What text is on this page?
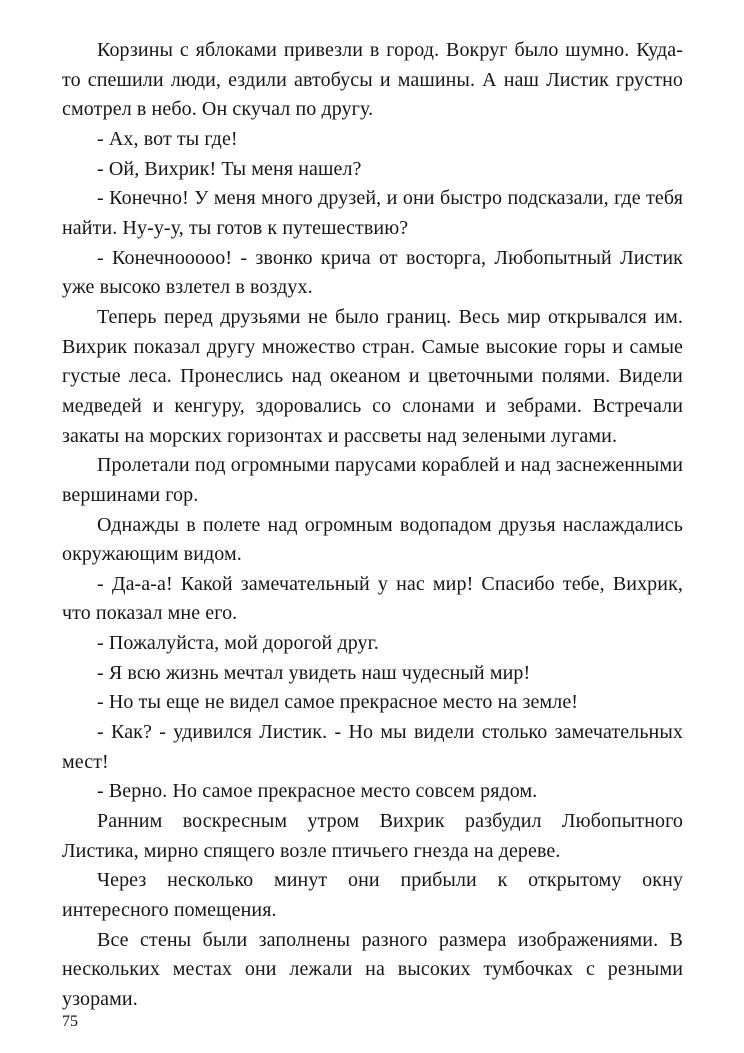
Корзины с яблоками привезли в город. Вокруг было шумно. Куда-то спешили люди, ездили автобусы и машины. А наш Листик грустно смотрел в небо. Он скучал по другу.

- Ах, вот ты где!

- Ой, Вихрик! Ты меня нашел?

- Конечно! У меня много друзей, и они быстро подсказали, где тебя найти. Ну-у-у, ты готов к путешествию?

- Конечнооооо! - звонко крича от восторга, Любопытный Листик уже высоко взлетел в воздух.

Теперь перед друзьями не было границ. Весь мир открывался им. Вихрик показал другу множество стран. Самые высокие горы и самые густые леса. Пронеслись над океаном и цветочными полями. Видели медведей и кенгуру, здоровались со слонами и зебрами. Встречали закаты на морских горизонтах и рассветы над зелеными лугами.

Пролетали под огромными парусами кораблей и над заснеженными вершинами гор.

Однажды в полете над огромным водопадом друзья наслаждались окружающим видом.

- Да-а-а! Какой замечательный у нас мир! Спасибо тебе, Вихрик, что показал мне его.

- Пожалуйста, мой дорогой друг.

- Я всю жизнь мечтал увидеть наш чудесный мир!

- Но ты еще не видел самое прекрасное место на земле!

- Как? - удивился Листик. - Но мы видели столько замечательных мест!

- Верно. Но самое прекрасное место совсем рядом.

Ранним воскресным утром Вихрик разбудил Любопытного Листика, мирно спящего возле птичьего гнезда на дереве.

Через несколько минут они прибыли к открытому окну интересного помещения.

Все стены были заполнены разного размера изображениями. В нескольких местах они лежали на высоких тумбочках с резными узорами.

75
